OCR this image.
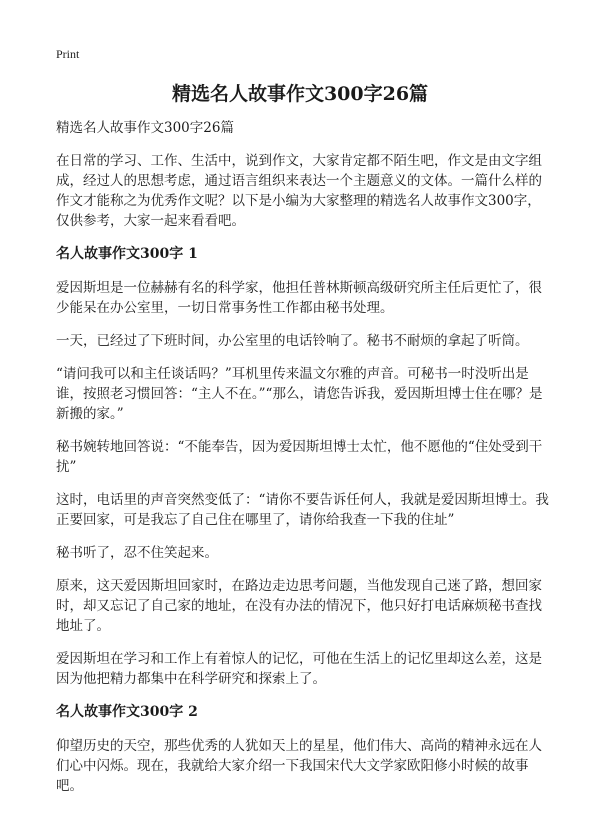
Print
精选名人故事作文300字26篇

精选名人故事作文300字26篇

在日常的学习、工作、生活中，说到作文，大家肯定都不陌生吧，作文是由文字组成，经过人的思想考虑，通过语言组织来表达一个主题意义的文体。一篇什么样的作文才能称之为优秀作文呢？以下是小编为大家整理的精选名人故事作文300字，仅供参考，大家一起来看看吧。

名人故事作文300字 1

爱因斯坦是一位赫赫有名的科学家，他担任普林斯顿高级研究所主任后更忙了，很少能呆在办公室里，一切日常事务性工作都由秘书处理。

一天，已经过了下班时间，办公室里的电话铃响了。秘书不耐烦的拿起了听筒。

“请问我可以和主任谈话吗？”耳机里传来温文尔雅的声音。可秘书一时没听出是谁，按照老习惯回答：“主人不在。”“那么，请您告诉我，爱因斯坦博士住在哪？是新搬的家。”

秘书婉转地回答说：“不能奉告，因为爱因斯坦博士太忙，他不愿他的“住处受到干扰”

这时，电话里的声音突然变低了：“请你不要告诉任何人，我就是爱因斯坦博士。我正要回家，可是我忘了自己住在哪里了，请你给我查一下我的住址”

秘书听了，忍不住笑起来。

原来，这天爱因斯坦回家时，在路边走边思考问题，当他发现自己迷了路，想回家时，却又忘记了自己家的地址，在没有办法的情况下，他只好打电话麻烦秘书查找地址了。

爱因斯坦在学习和工作上有着惊人的记忆，可他在生活上的记忆里却这么差，这是因为他把精力都集中在科学研究和探索上了。

名人故事作文300字 2

仰望历史的天空，那些优秀的人犹如天上的星星，他们伟大、高尚的精神永远在人们心中闪烁。现在，我就给大家介绍一下我国宋代大文学家欧阳修小时候的故事吧。
